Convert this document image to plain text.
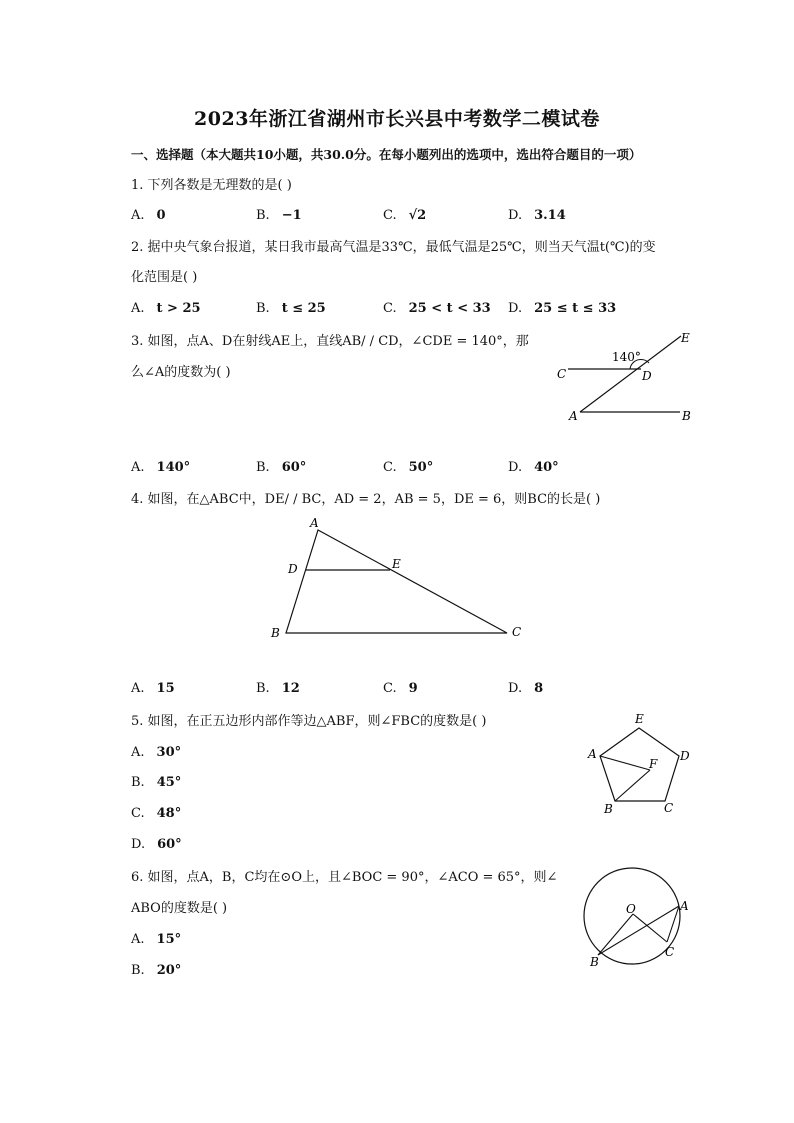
2023年浙江省湖州市长兴县中考数学二模试卷
一、选择题（本大题共10小题，共30.0分。在每小题列出的选项中，选出符合题目的一项）
1. 下列各数是无理数的是( )
A. 0	B. −1	C. √2	D. 3.14
2. 据中央气象台报道，某日我市最高气温是33℃，最低气温是25℃，则当天气温t(℃)的变
化范围是( )
A. t > 25	B. t ≤ 25	C. 25 < t < 33 D. 25 ≤ t ≤ 33
3. 如图，点A、D在射线AE上，直线AB/ / CD，∠CDE = 140°，那
么∠A的度数为( )
140°
E
C	D
A	B
A. 140°	B. 60°	C. 50°	D. 40°
4. 如图，在△ABC中，DE/ / BC，AD = 2，AB = 5，DE = 6，则BC的长是( )
A
D	E
B	C
A. 15	B. 12	C. 9	D. 8
5. 如图，在正五边形内部作等边△ABF，则∠FBC的度数是( )	E
A	D
F
B	C
A. 30°
B. 45°
C. 48°
D. 60°
6. 如图，点A，B，C均在⊙O上，且∠BOC = 90°，∠ACO = 65°，则∠
ABO的度数是( )	O	A
B
C
A. 15°
B. 20°
